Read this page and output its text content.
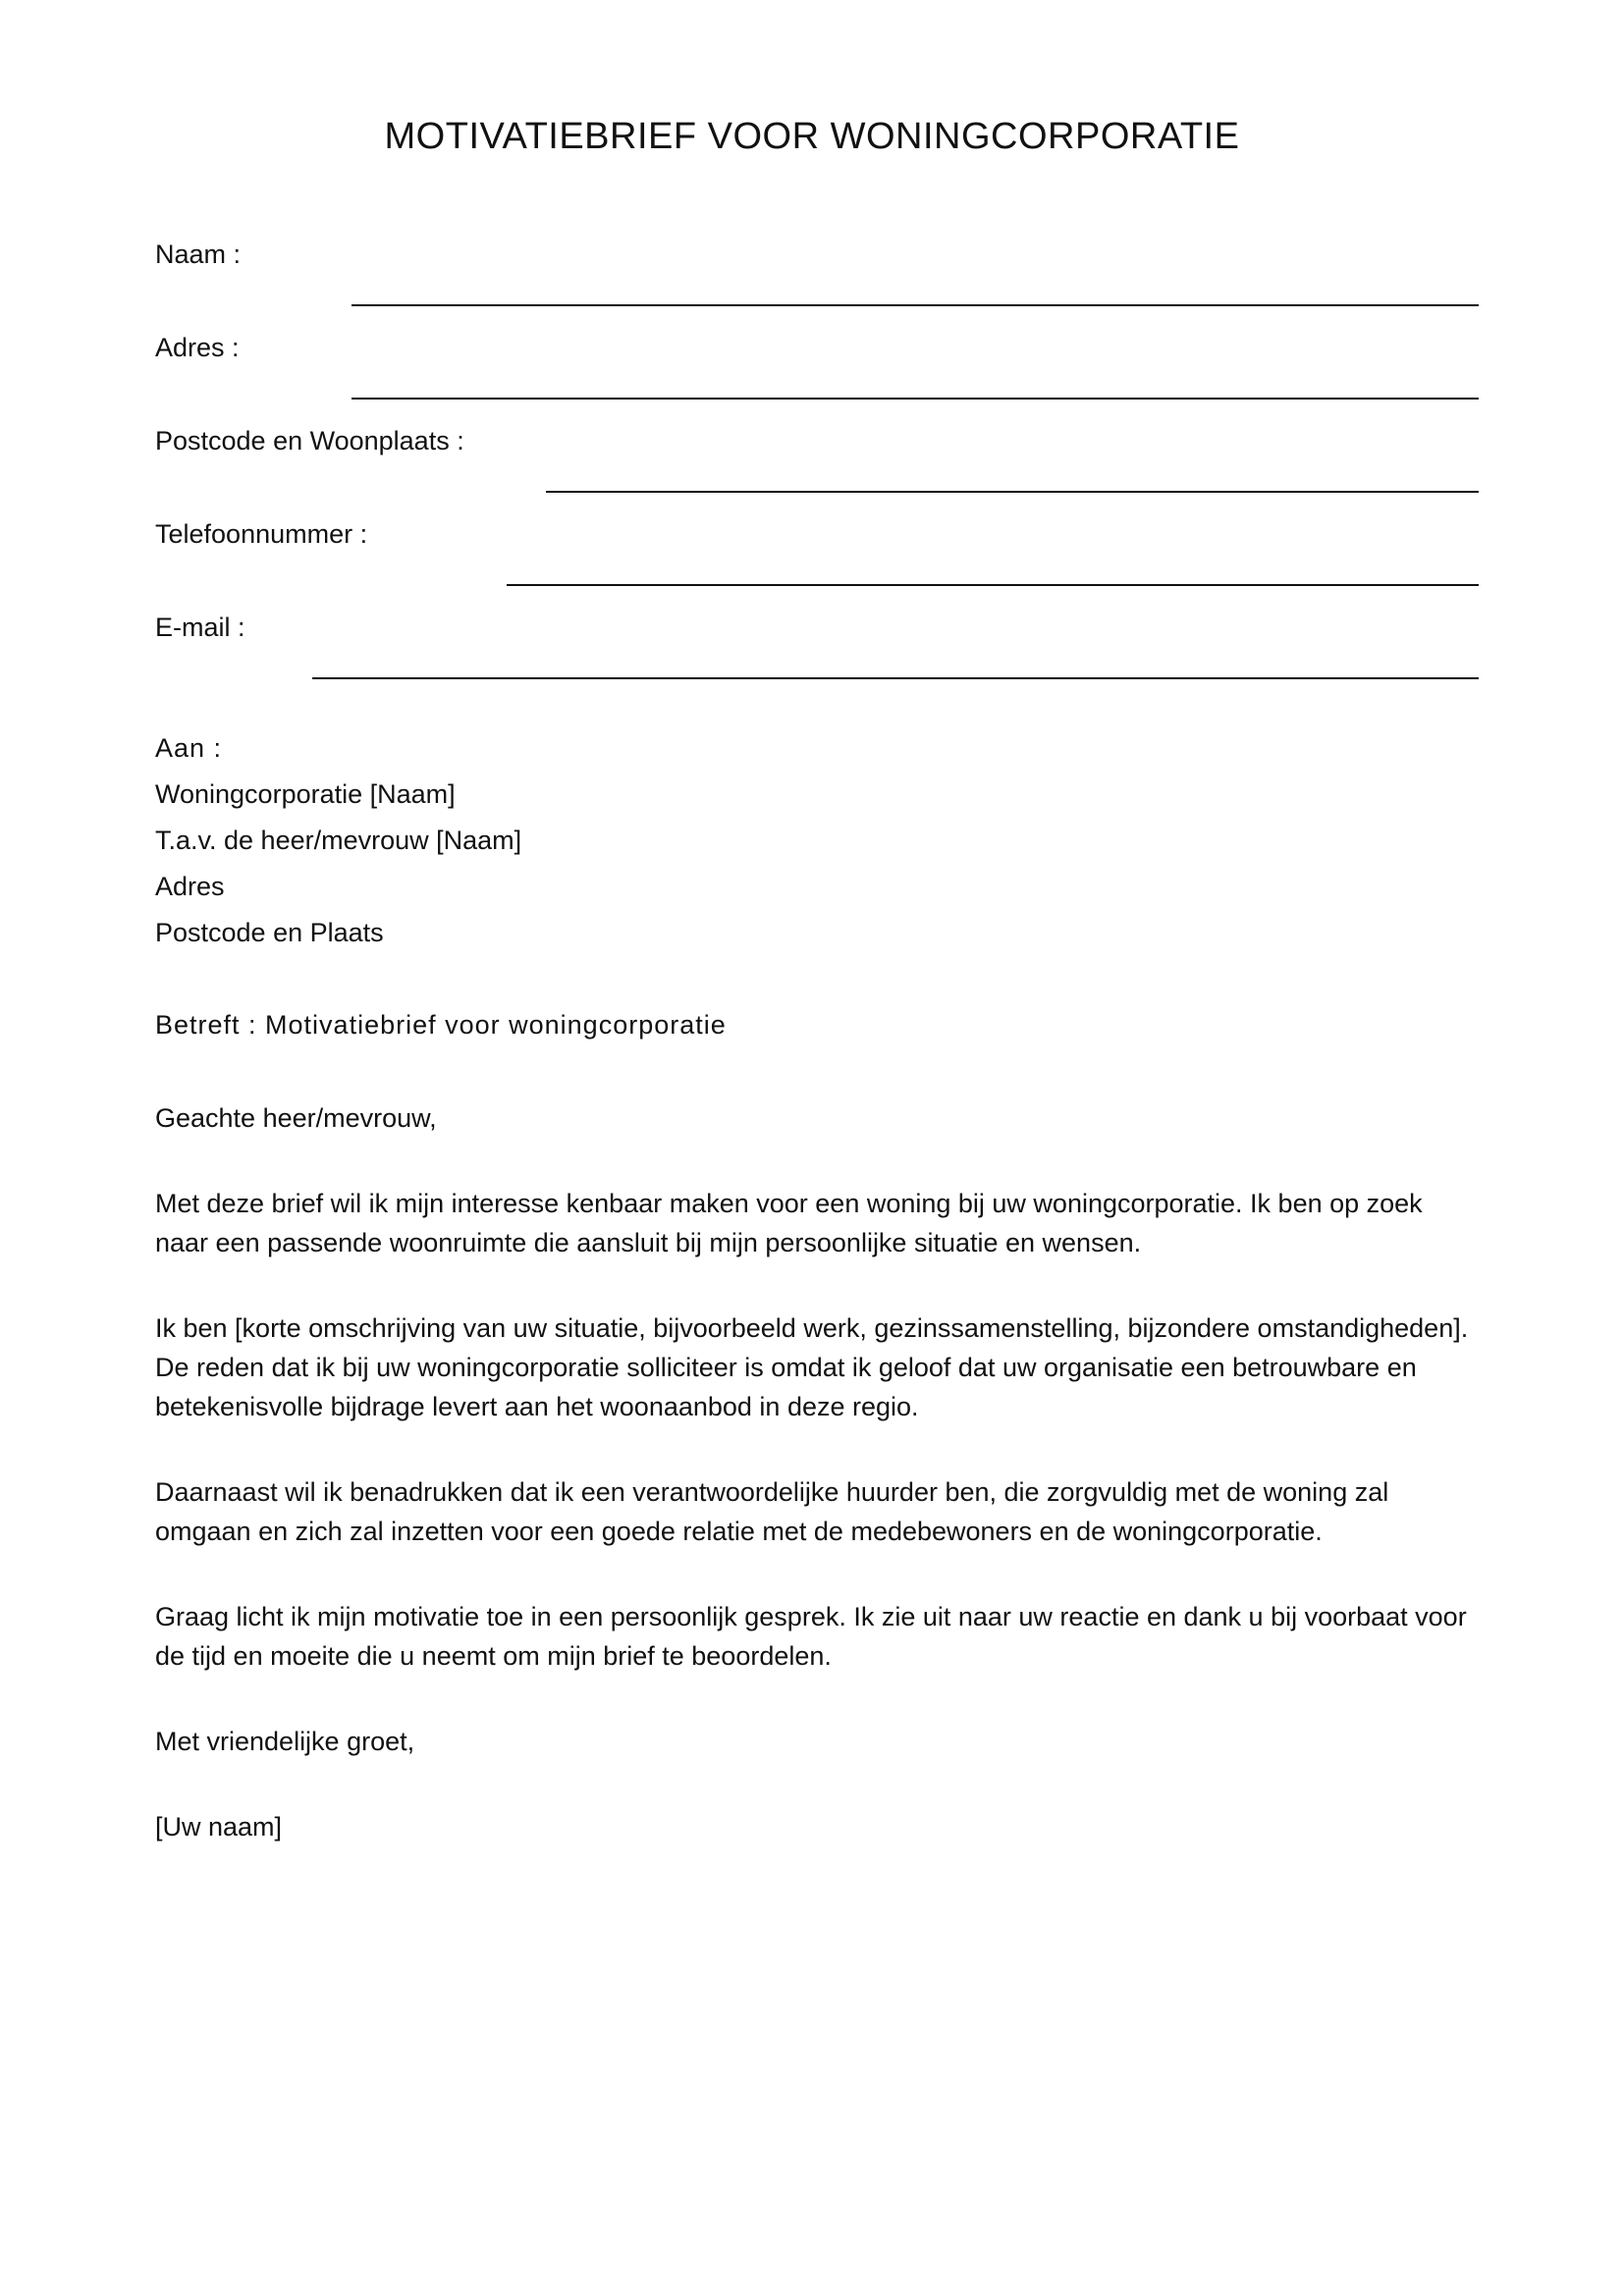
MOTIVATIEBRIEF VOOR WONINGCORPORATIE
Naam :
Adres :
Postcode en Woonplaats :
Telefoonnummer :
E-mail :

Aan :

Woningcorporatie [Naam]

T.a.v. de heer/mevrouw [Naam]

Adres

Postcode en Plaats

Betreft : Motivatiebrief voor woningcorporatie
Geachte heer/mevrouw,

Met deze brief wil ik mijn interesse kenbaar maken voor een woning bij uw woningcorporatie. Ik ben op zoek naar een passende woonruimte die aansluit bij mijn persoonlijke situatie en wensen.

Ik ben [korte omschrijving van uw situatie, bijvoorbeeld werk, gezinssamenstelling, bijzondere omstandigheden]. De reden dat ik bij uw woningcorporatie solliciteer is omdat ik geloof dat uw organisatie een betrouwbare en betekenisvolle bijdrage levert aan het woonaanbod in deze regio.

Daarnaast wil ik benadrukken dat ik een verantwoordelijke huurder ben, die zorgvuldig met de woning zal omgaan en zich zal inzetten voor een goede relatie met de medebewoners en de woningcorporatie.

Graag licht ik mijn motivatie toe in een persoonlijk gesprek. Ik zie uit naar uw reactie en dank u bij voorbaat voor de tijd en moeite die u neemt om mijn brief te beoordelen.

Met vriendelijke groet,
[Uw naam]
